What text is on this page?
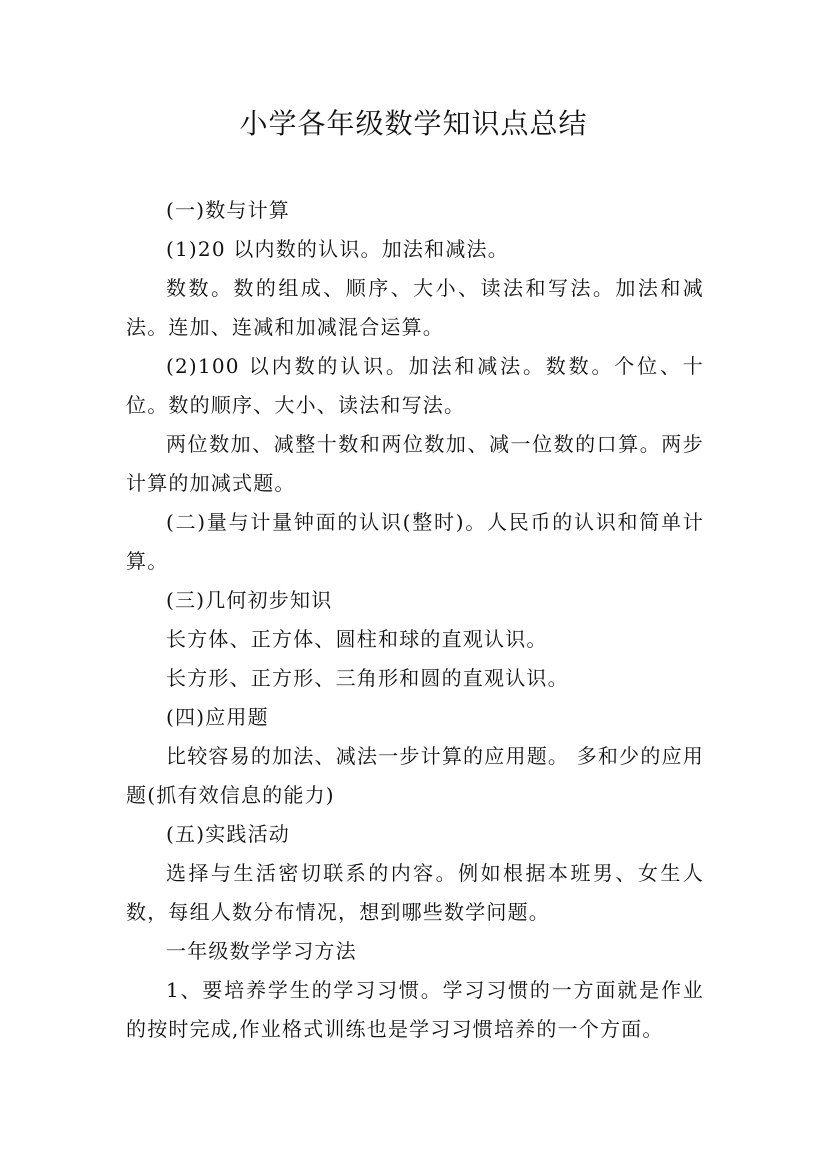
小学各年级数学知识点总结

(一)数与计算

(1)20 以内数的认识。加法和减法。

数数。数的组成、顺序、大小、读法和写法。加法和减法。连加、连减和加减混合运算。

(2)100 以内数的认识。加法和减法。数数。个位、十位。数的顺序、大小、读法和写法。

两位数加、减整十数和两位数加、减一位数的口算。两步计算的加减式题。

(二)量与计量钟面的认识(整时)。人民币的认识和简单计算。

(三)几何初步知识

长方体、正方体、圆柱和球的直观认识。

长方形、正方形、三角形和圆的直观认识。

(四)应用题

比较容易的加法、减法一步计算的应用题。 多和少的应用题(抓有效信息的能力)

(五)实践活动

选择与生活密切联系的内容。例如根据本班男、女生人数，每组人数分布情况，想到哪些数学问题。

一年级数学学习方法

1、要培养学生的学习习惯。学习习惯的一方面就是作业的按时完成,作业格式训练也是学习习惯培养的一个方面。
